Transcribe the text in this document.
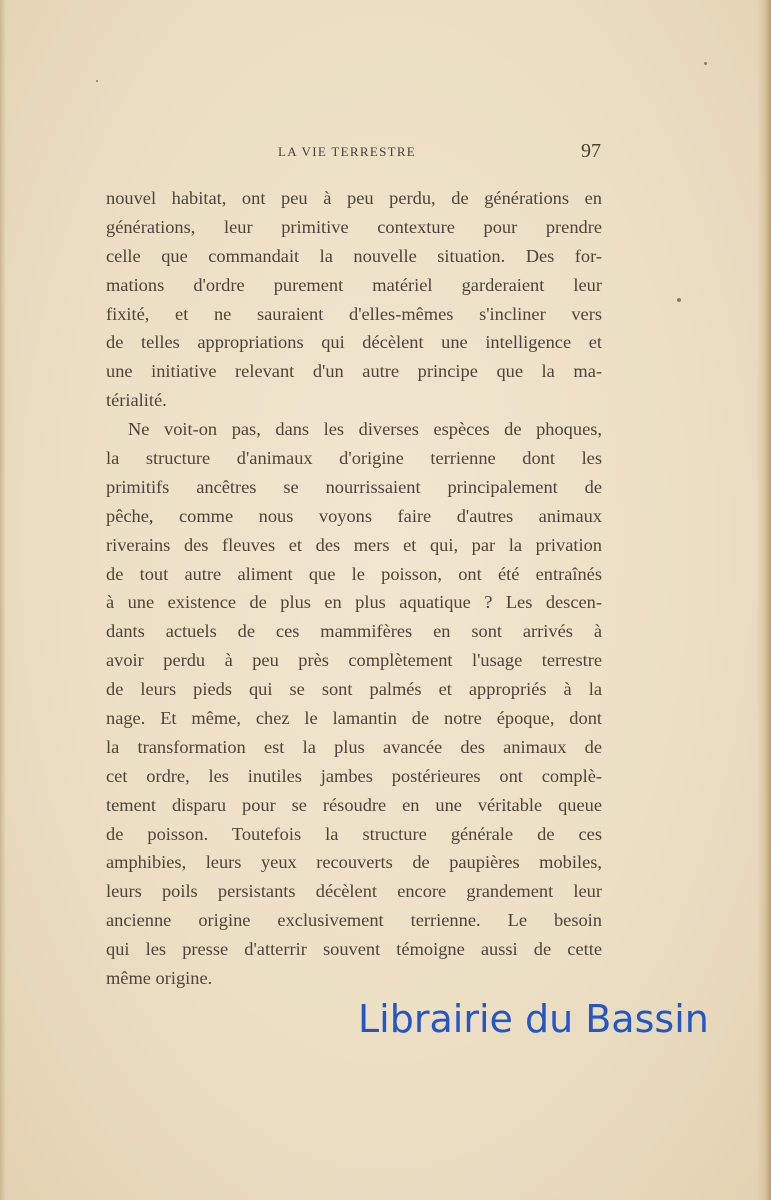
LA VIE TERRESTRE	97
nouvel habitat, ont peu à peu perdu, de générations en
générations, leur primitive contexture pour prendre
celle que commandait la nouvelle situation. Des for-
mations d'ordre purement matériel garderaient leur
fixité, et ne sauraient d'elles-mêmes s'incliner vers
de telles appropriations qui décèlent une intelligence et
une initiative relevant d'un autre principe que la ma-
térialité.
Ne voit-on pas, dans les diverses espèces de phoques,
la structure d'animaux d'origine terrienne dont les
primitifs ancêtres se nourrissaient principalement de
pêche, comme nous voyons faire d'autres animaux
riverains des fleuves et des mers et qui, par la privation
de tout autre aliment que le poisson, ont été entraînés
à une existence de plus en plus aquatique ? Les descen-
dants actuels de ces mammifères en sont arrivés à
avoir perdu à peu près complètement l'usage terrestre
de leurs pieds qui se sont palmés et appropriés à la
nage. Et même, chez le lamantin de notre époque, dont
la transformation est la plus avancée des animaux de
cet ordre, les inutiles jambes postérieures ont complè-
tement disparu pour se résoudre en une véritable queue
de poisson. Toutefois la structure générale de ces
amphibies, leurs yeux recouverts de paupières mobiles,
leurs poils persistants décèlent encore grandement leur
ancienne origine exclusivement terrienne. Le besoin
qui les presse d'atterrir souvent témoigne aussi de cette
même origine.
Librairie du Bassin
